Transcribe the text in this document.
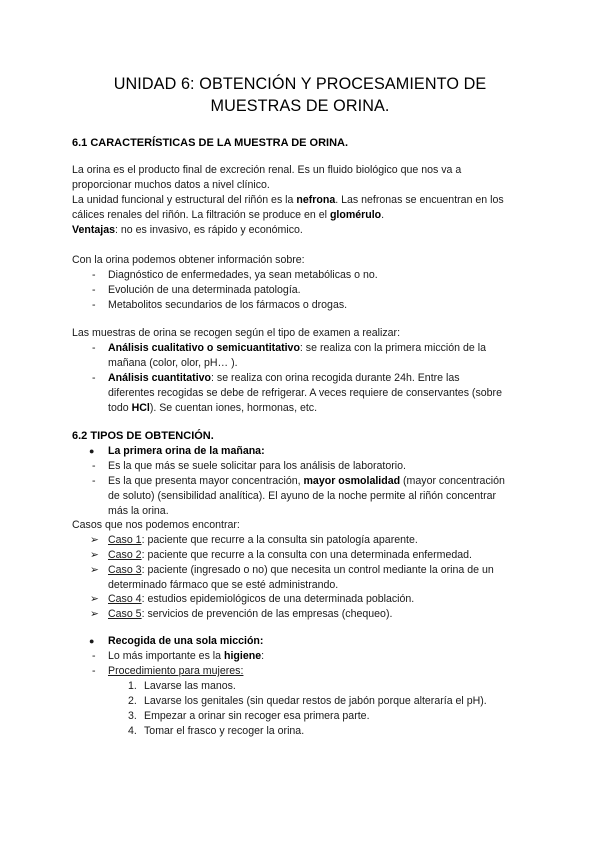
UNIDAD 6: OBTENCIÓN Y PROCESAMIENTO DE
MUESTRAS DE ORINA.
6.1 CARACTERÍSTICAS DE LA MUESTRA DE ORINA.
La orina es el producto final de excreción renal. Es un fluido biológico que nos va a
proporcionar muchos datos a nivel clínico.
La unidad funcional y estructural del riñón es la nefrona. Las nefronas se encuentran en los
cálices renales del riñón. La filtración se produce en el glomérulo.
Ventajas: no es invasivo, es rápido y económico.
Con la orina podemos obtener información sobre:
- Diagnóstico de enfermedades, ya sean metabólicas o no.
- Evolución de una determinada patología.
- Metabolitos secundarios de los fármacos o drogas.
Las muestras de orina se recogen según el tipo de examen a realizar:
- Análisis cualitativo o semicuantitativo: se realiza con la primera micción de la
mañana (color, olor, pH… ).
- Análisis cuantitativo: se realiza con orina recogida durante 24h. Entre las
diferentes recogidas se debe de refrigerar. A veces requiere de conservantes (sobre
todo HCl). Se cuentan iones, hormonas, etc.
6.2 TIPOS DE OBTENCIÓN.
● La primera orina de la mañana:
- Es la que más se suele solicitar para los análisis de laboratorio.
- Es la que presenta mayor concentración, mayor osmolalidad (mayor concentración
de soluto) (sensibilidad analítica). El ayuno de la noche permite al riñón concentrar
más la orina.
Casos que nos podemos encontrar:
➢ Caso 1: paciente que recurre a la consulta sin patología aparente.
➢ Caso 2: paciente que recurre a la consulta con una determinada enfermedad.
➢ Caso 3: paciente (ingresado o no) que necesita un control mediante la orina de un
determinado fármaco que se esté administrando.
➢ Caso 4: estudios epidemiológicos de una determinada población.
➢ Caso 5: servicios de prevención de las empresas (chequeo).
● Recogida de una sola micción:
- Lo más importante es la higiene:
- Procedimiento para mujeres:
1. Lavarse las manos.
2. Lavarse los genitales (sin quedar restos de jabón porque alteraría el pH).
3. Empezar a orinar sin recoger esa primera parte.
4. Tomar el frasco y recoger la orina.
